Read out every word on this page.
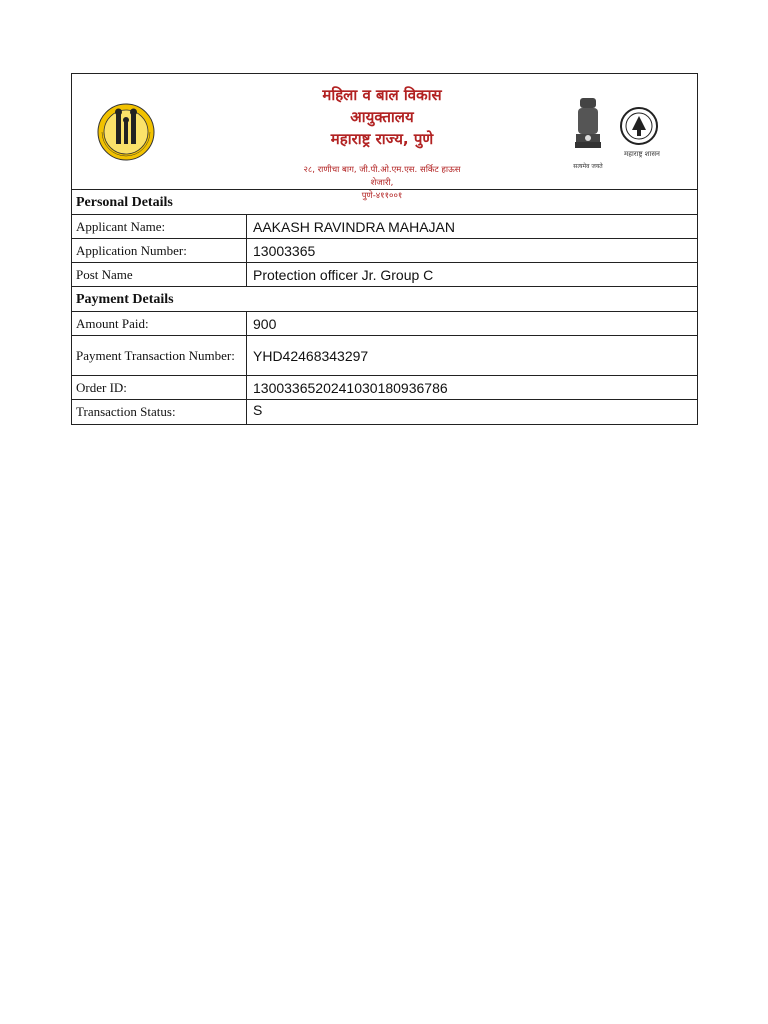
महिला व बाल विकास आयुक्तालय
महाराष्ट्र राज्य, पुणे
२८, राणीचा बाग, जी.पी.ओ.एम.एस. सर्किट हाऊस शेजारी,
पुणे-४११००१
सत्यमेव जयते
महाराष्ट्र शासन
Personal Details
Applicant Name:	AAKASH RAVINDRA MAHAJAN
Application Number:	13003365
Post Name	Protection officer Jr. Group C
Payment Details
Amount Paid:	900
Payment Transaction Number:	YHD42468343297
Order ID:	1300336520241030180936786
Transaction Status:	S
